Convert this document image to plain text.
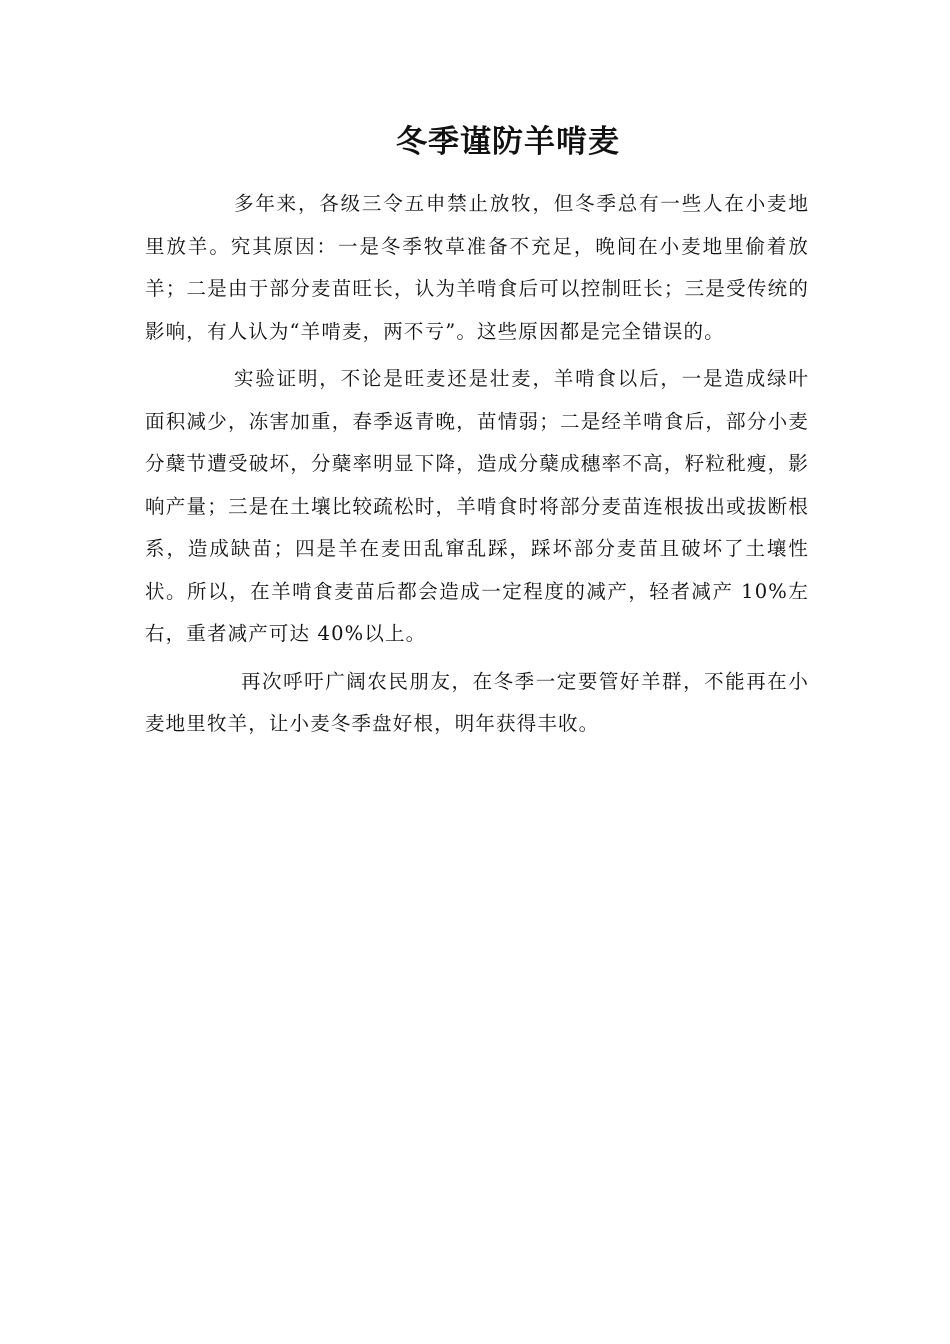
冬季谨防羊啃麦

多年来，各级三令五申禁止放牧，但冬季总有一些人在小麦地里放羊。究其原因：一是冬季牧草准备不充足，晚间在小麦地里偷着放羊；二是由于部分麦苗旺长，认为羊啃食后可以控制旺长；三是受传统的影响，有人认为“羊啃麦，两不亏”。这些原因都是完全错误的。

实验证明，不论是旺麦还是壮麦，羊啃食以后，一是造成绿叶面积减少，冻害加重，春季返青晚，苗情弱；二是经羊啃食后，部分小麦分蘖节遭受破坏，分蘖率明显下降，造成分蘖成穗率不高，籽粒秕瘦，影响产量；三是在土壤比较疏松时，羊啃食时将部分麦苗连根拔出或拔断根系，造成缺苗；四是羊在麦田乱窜乱踩，踩坏部分麦苗且破坏了土壤性状。所以，在羊啃食麦苗后都会造成一定程度的减产，轻者减产 10%左右，重者减产可达 40%以上。

再次呼吁广阔农民朋友，在冬季一定要管好羊群，不能再在小麦地里牧羊，让小麦冬季盘好根，明年获得丰收。
